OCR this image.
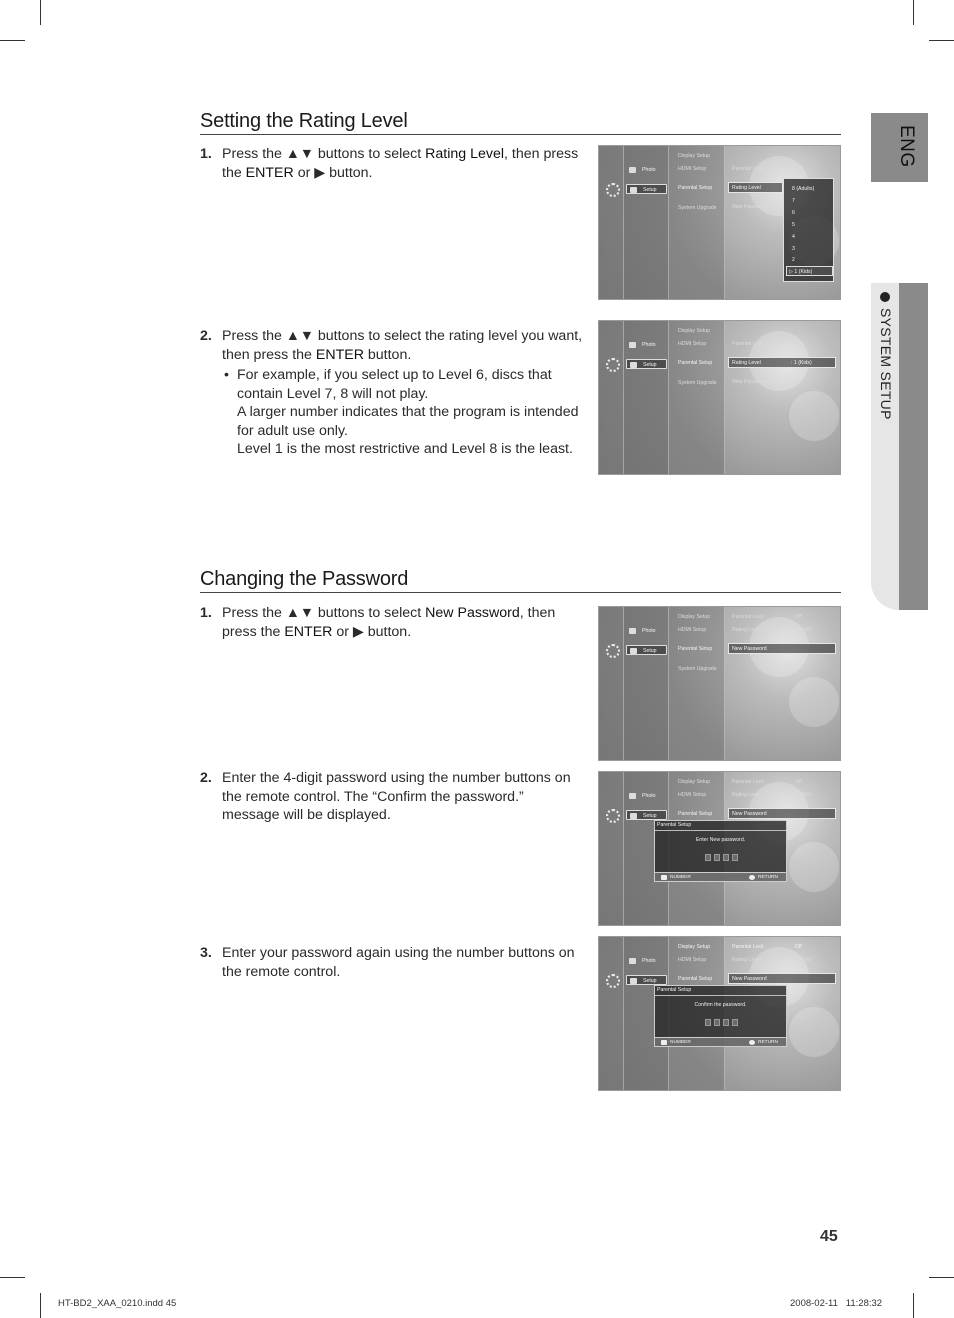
ENG
SYSTEM SETUP
Setting the Rating Level
1. Press the ▲▼ buttons to select Rating Level, then press the ENTER or ▶ button.
2. Press the ▲▼ buttons to select the rating level you want, then press the ENTER button.
• For example, if you select up to Level 6, discs that contain Level 7, 8 will not play.
A larger number indicates that the program is intended for adult use only.
Level 1 is the most restrictive and Level 8 is the least.
Photo
Setup
Display Setup
HDMI Setup
Parental Setup
System Upgrade
Parental Lock	Off
Rating Level
New Password
8 (Adults)
7
6
5
4
3
2
▷ 1 (Kids)
Photo
Setup
Display Setup
HDMI Setup
Parental Setup
System Upgrade
Parental Lock	Off
Rating Level	: 1 (Kids)
New Password
Changing the Password
1. Press the ▲▼ buttons to select New Password, then press the ENTER or ▶ button.
2. Enter the 4-digit password using the number buttons on the remote control. The “Confirm the password.” message will be displayed.
3. Enter your password again using the number buttons on the remote control.
Photo
Setup
Display Setup
HDMI Setup
Parental Setup
System Upgrade
Parental Lock	Off
Rating Level	: 1 (Kids)
New Password
Photo
Setup
Display Setup
HDMI Setup
Parental Setup
Parental Lock	Off
Rating Level	: 1 (Kids)
New Password
Parental Setup
Enter New password.
NUMBER	RETURN
Photo
Setup
Display Setup
HDMI Setup
Parental Setup
Parental Lock	Off
Rating Level	: 1 (Kids)
New Password
Parental Setup
Confirm the password.
NUMBER	RETURN
45
HT-BD2_XAA_0210.indd 45	2008-02-11   11:28:32
